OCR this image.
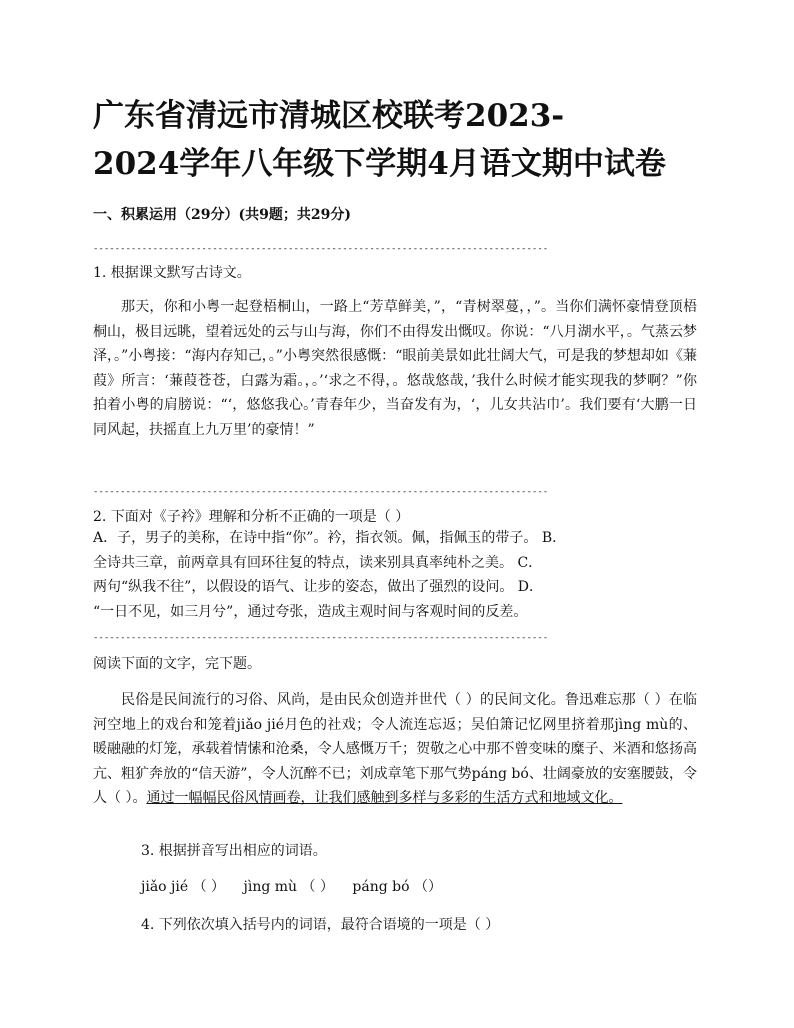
广东省清远市清城区校联考2023-
2024学年八年级下学期4月语文期中试卷

一、积累运用（29分）(共9题；共29分)

------------------------------------------------------------------------------------

1. 根据课文默写古诗文。

那天，你和小粤一起登梧桐山，一路上“芳草鲜美，”，“青树翠蔓，，”。当你们满怀豪情登顶梧桐山，极目远眺，望着远处的云与山与海，你们不由得发出慨叹。你说：“八月湖水平，。气蒸云梦泽，。”小粤接：“海内存知己，。”小粤突然很感慨：“眼前美景如此壮阔大气，可是我的梦想却如《蒹葭》所言：‘蒹葭苍苍，白露为霜。，。’‘求之不得，。悠哉悠哉，’我什么时候才能实现我的梦啊？”你拍着小粤的肩膀说：“‘，悠悠我心。’青春年少，当奋发有为，‘，儿女共沾巾’。我们要有‘大鹏一日同风起，扶摇直上九万里’的豪情！”

------------------------------------------------------------------------------------

2. 下面对《子衿》理解和分析不正确的一项是（ ）

A．子，男子的美称，在诗中指“你”。衿，指衣领。佩，指佩玉的带子。 B．

全诗共三章，前两章具有回环往复的特点，读来别具真率纯朴之美。 C．

两句“纵我不往”，以假设的语气、让步的姿态，做出了强烈的设问。 D．

“一日不见，如三月兮”，通过夸张，造成主观时间与客观时间的反差。

------------------------------------------------------------------------------------

阅读下面的文字，完下题。

民俗是民间流行的习俗、风尚，是由民众创造并世代（ ）的民间文化。鲁迅难忘那（ ）在临河空地上的戏台和笼着jiǎo jié月色的社戏；令人流连忘返；吴伯箫记忆网里挤着那jìng mù的、暖融融的灯笼，承载着情愫和沧桑，令人感慨万千；贺敬之心中那不曾变味的糜子、米酒和悠扬高亢、粗犷奔放的“信天游”，令人沉醉不已；刘成章笔下那气势páng bó、壮阔豪放的安塞腰鼓，令人（ ）。通过一幅幅民俗风情画卷，让我们感触到多样与多彩的生活方式和地域文化。

3. 根据拼音写出相应的词语。

jiǎo jié （ ） jìng mù （ ） páng bó （）

4. 下列依次填入括号内的词语，最符合语境的一项是（ ）
